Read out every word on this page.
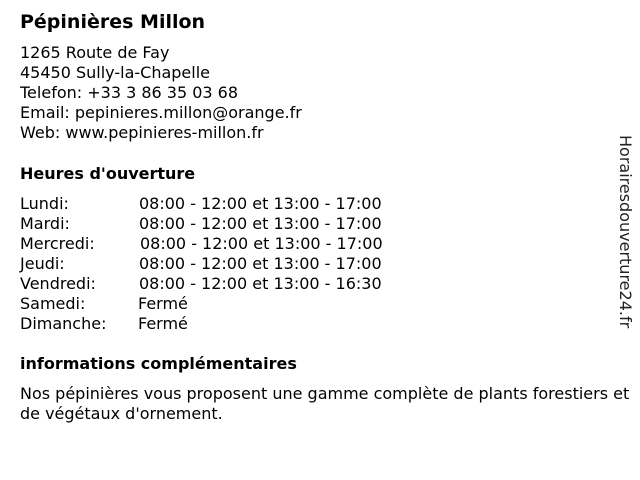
Pépinières Millon
1265 Route de Fay
45450 Sully-la-Chapelle
Telefon: +33 3 86 35 03 68
Email: pepinieres.millon@orange.fr
Web: www.pepinieres-millon.fr
Heures d'ouverture
Lundi:	08:00 - 12:00 et 13:00 - 17:00
Mardi:	08:00 - 12:00 et 13:00 - 17:00
Mercredi:	08:00 - 12:00 et 13:00 - 17:00
Jeudi:	08:00 - 12:00 et 13:00 - 17:00
Vendredi:	08:00 - 12:00 et 13:00 - 16:30
Samedi:	Fermé
Dimanche: Fermé
informations complémentaires
Nos pépinières vous proposent une gamme complète de plants forestiers et de végétaux d'ornement.
Horairesdouverture24.fr
